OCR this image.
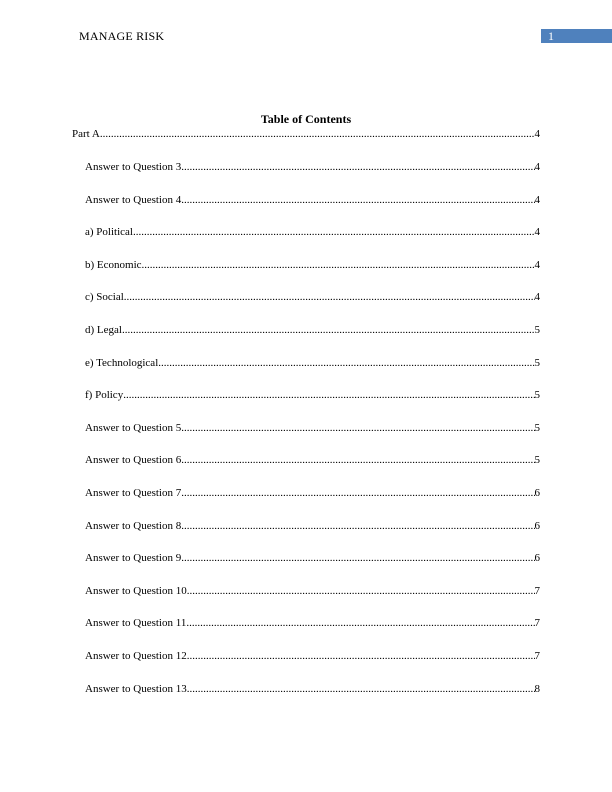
MANAGE RISK	1
Table of Contents
Part A .....	4
Answer to Question 3 .....	4
Answer to Question 4 .....	4
a) Political .....	4
b) Economic .....	4
c) Social .....	4
d) Legal .....	5
e) Technological .....	5
f) Policy .....	5
Answer to Question 5 .....	5
Answer to Question 6 .....	5
Answer to Question 7 .....	6
Answer to Question 8 .....	6
Answer to Question 9 .....	6
Answer to Question 10 .....	7
Answer to Question 11 .....	7
Answer to Question 12 .....	7
Answer to Question 13 .....	8
